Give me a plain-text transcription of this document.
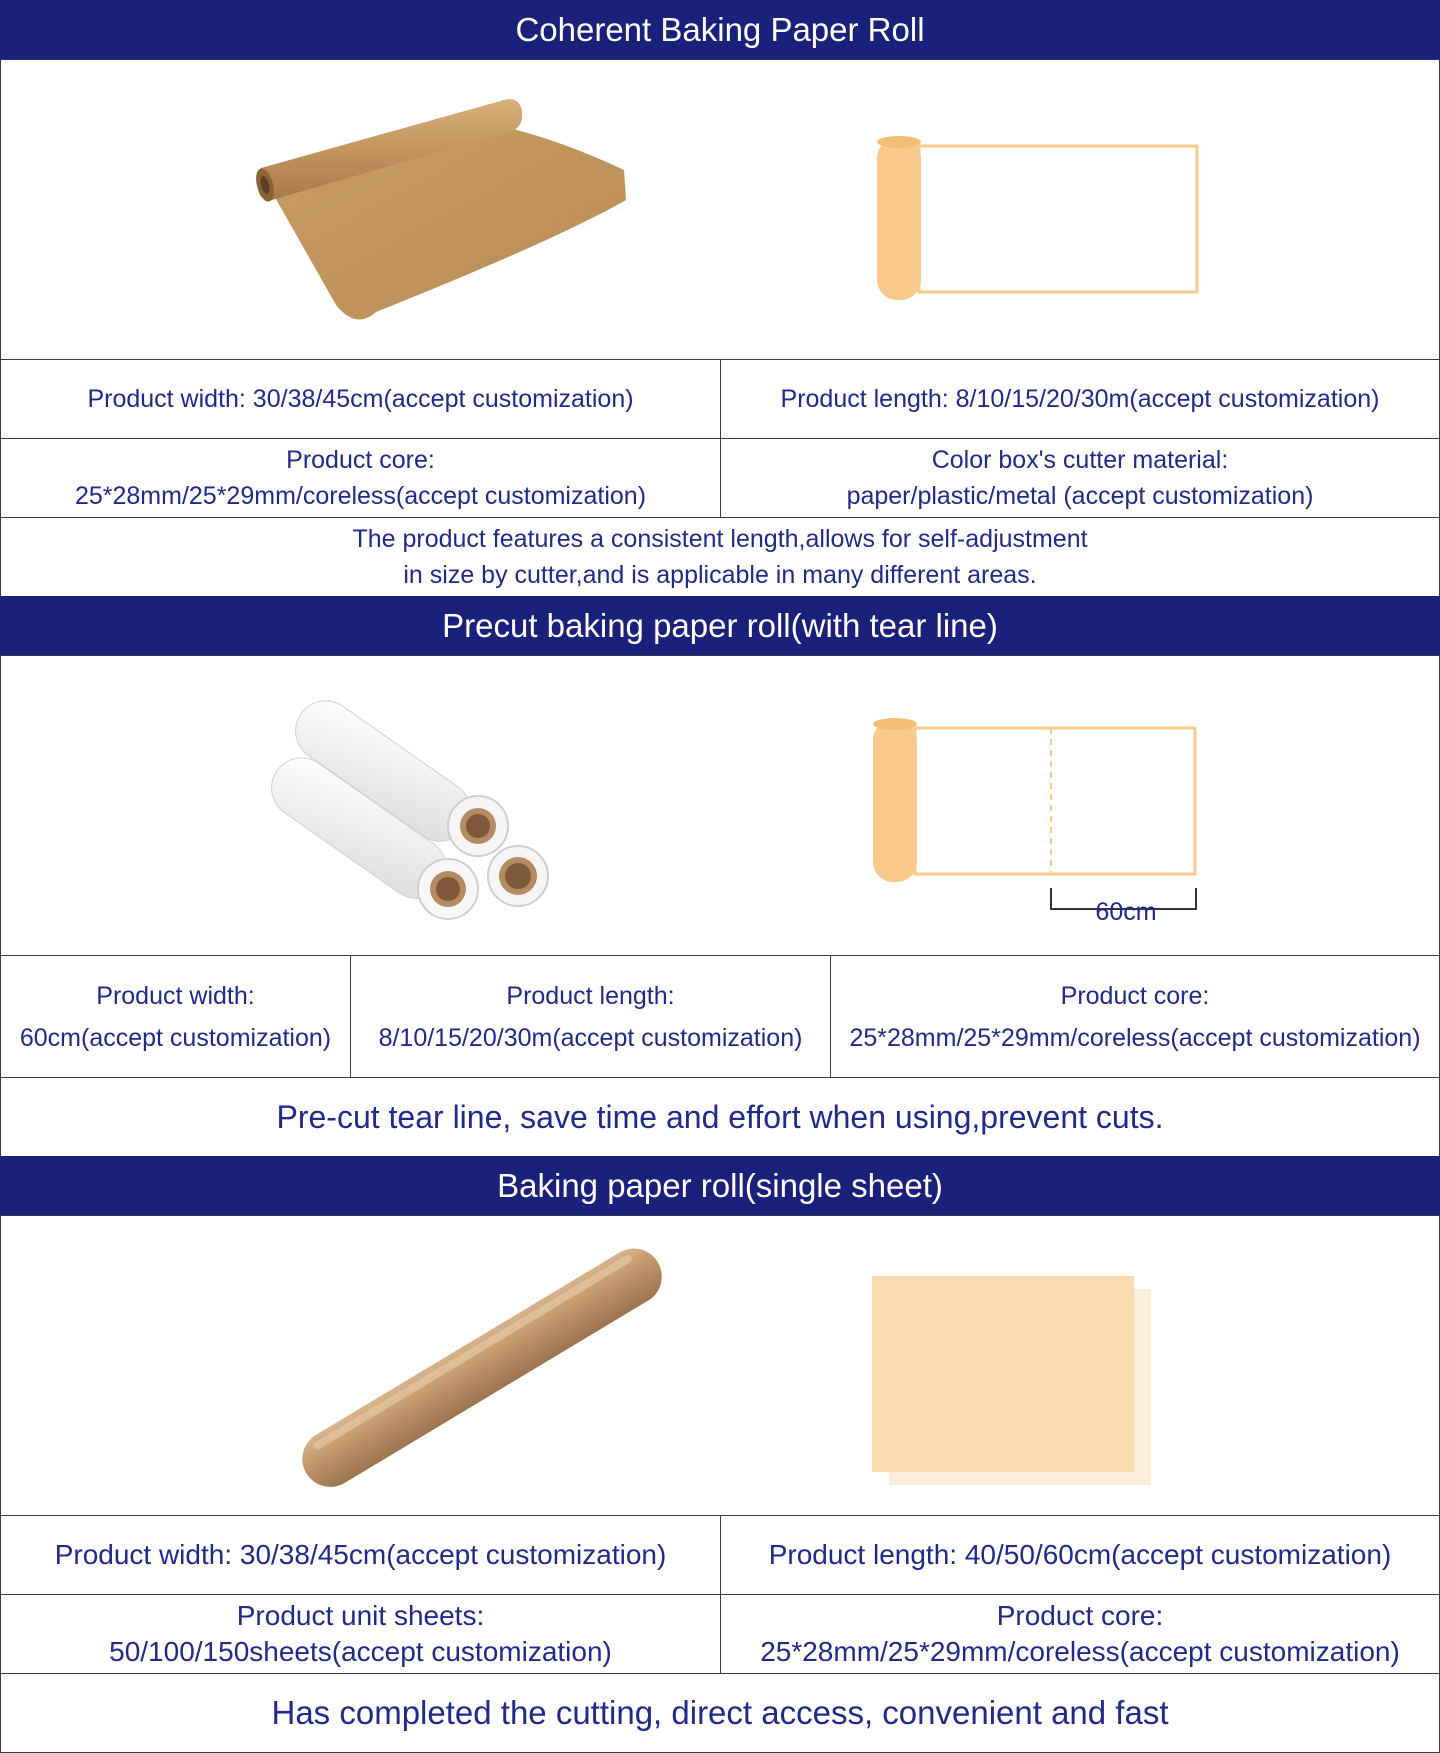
Coherent Baking Paper Roll
Product width: 30/38/45cm(accept customization)	Product length: 8/10/15/20/30m(accept customization)
Product core:
25*28mm/25*29mm/coreless(accept customization)
Color box's cutter material:
paper/plastic/metal (accept customization)
The product features a consistent length,allows for self-adjustment
in size by cutter,and is applicable in many different areas.
Precut baking paper roll(with tear line)
60cm
Product width:
60cm(accept customization)
Product length:
8/10/15/20/30m(accept customization)
Product core:
25*28mm/25*29mm/coreless(accept customization)
Pre-cut tear line, save time and effort when using,prevent cuts.
Baking paper roll(single sheet)
Product width: 30/38/45cm(accept customization)	Product length: 40/50/60cm(accept customization)
Product unit sheets:
50/100/150sheets(accept customization)
Product core:
25*28mm/25*29mm/coreless(accept customization)
Has completed the cutting, direct access, convenient and fast
